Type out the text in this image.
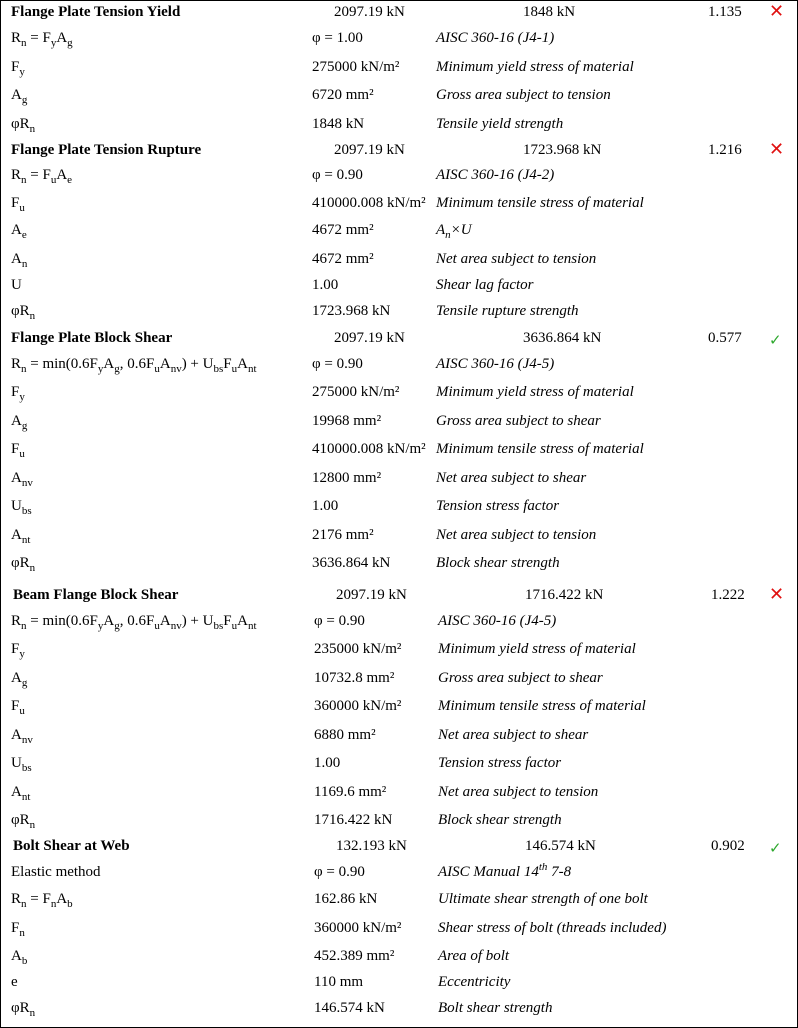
Flange Plate Tension Yield	2097.19 kN	1848 kN	1.135 ✕
$R_n = F_yA_g$	φ = 1.00	AISC 360-16 (J4-1)
$F_y$	275000 kN/m² Minimum yield stress of material
$A_g$	6720 mm²	Gross area subject to tension
$\varphi R_n$	1848 kN	Tensile yield strength
Flange Plate Tension Rupture	2097.19 kN	1723.968 kN	1.216 ✕
$R_n = F_uA_e$	φ = 0.90	AISC 360-16 (J4-2)
$F_u$	410000.008 kN/m² Minimum tensile stress of material
$A_e$	4672 mm²	$A_n\times U$
$A_n$	4672 mm²	Net area subject to tension
U	1.00	Shear lag factor
$\varphi R_n$	1723.968 kN	Tensile rupture strength
Flange Plate Block Shear	2097.19 kN	3636.864 kN	0.577 ✓
$R_n = \min(0.6F_yA_g$, $0.6F_uA_{nv}) + U_{bs}F_uA_{nt}$	φ = 0.90	AISC 360-16 (J4-5)
$F_y$	275000 kN/m² Minimum yield stress of material
$A_g$	19968 mm²	Gross area subject to shear
$F_u$	410000.008 kN/m² Minimum tensile stress of material
$A_{nv}$	12800 mm²	Net area subject to shear
$U_{bs}$	1.00	Tension stress factor
$A_{nt}$	2176 mm²	Net area subject to tension
$\varphi R_n$	3636.864 kN	Block shear strength
Beam Flange Block Shear	2097.19 kN	1716.422 kN	1.222 ✕
$R_n = \min(0.6F_yA_g$, $0.6F_uA_{nv}) + U_{bs}F_uA_{nt}$	φ = 0.90	AISC 360-16 (J4-5)
$F_y$	235000 kN/m² Minimum yield stress of material
$A_g$	10732.8 mm²	Gross area subject to shear
$F_u$	360000 kN/m² Minimum tensile stress of material
$A_{nv}$	6880 mm²	Net area subject to shear
$U_{bs}$	1.00	Tension stress factor
$A_{nt}$	1169.6 mm²	Net area subject to tension
$\varphi R_n$	1716.422 kN	Block shear strength
Bolt Shear at Web	132.193 kN	146.574 kN	0.902 ✓
Elastic method	φ = 0.90	AISC Manual 14th 7-8
$R_n = F_nA_b$	162.86 kN	Ultimate shear strength of one bolt
$F_n$	360000 kN/m² Shear stress of bolt (threads included)
$A_b$	452.389 mm²	Area of bolt
e	110 mm	Eccentricity
$\varphi R_n$	146.574 kN	Bolt shear strength
